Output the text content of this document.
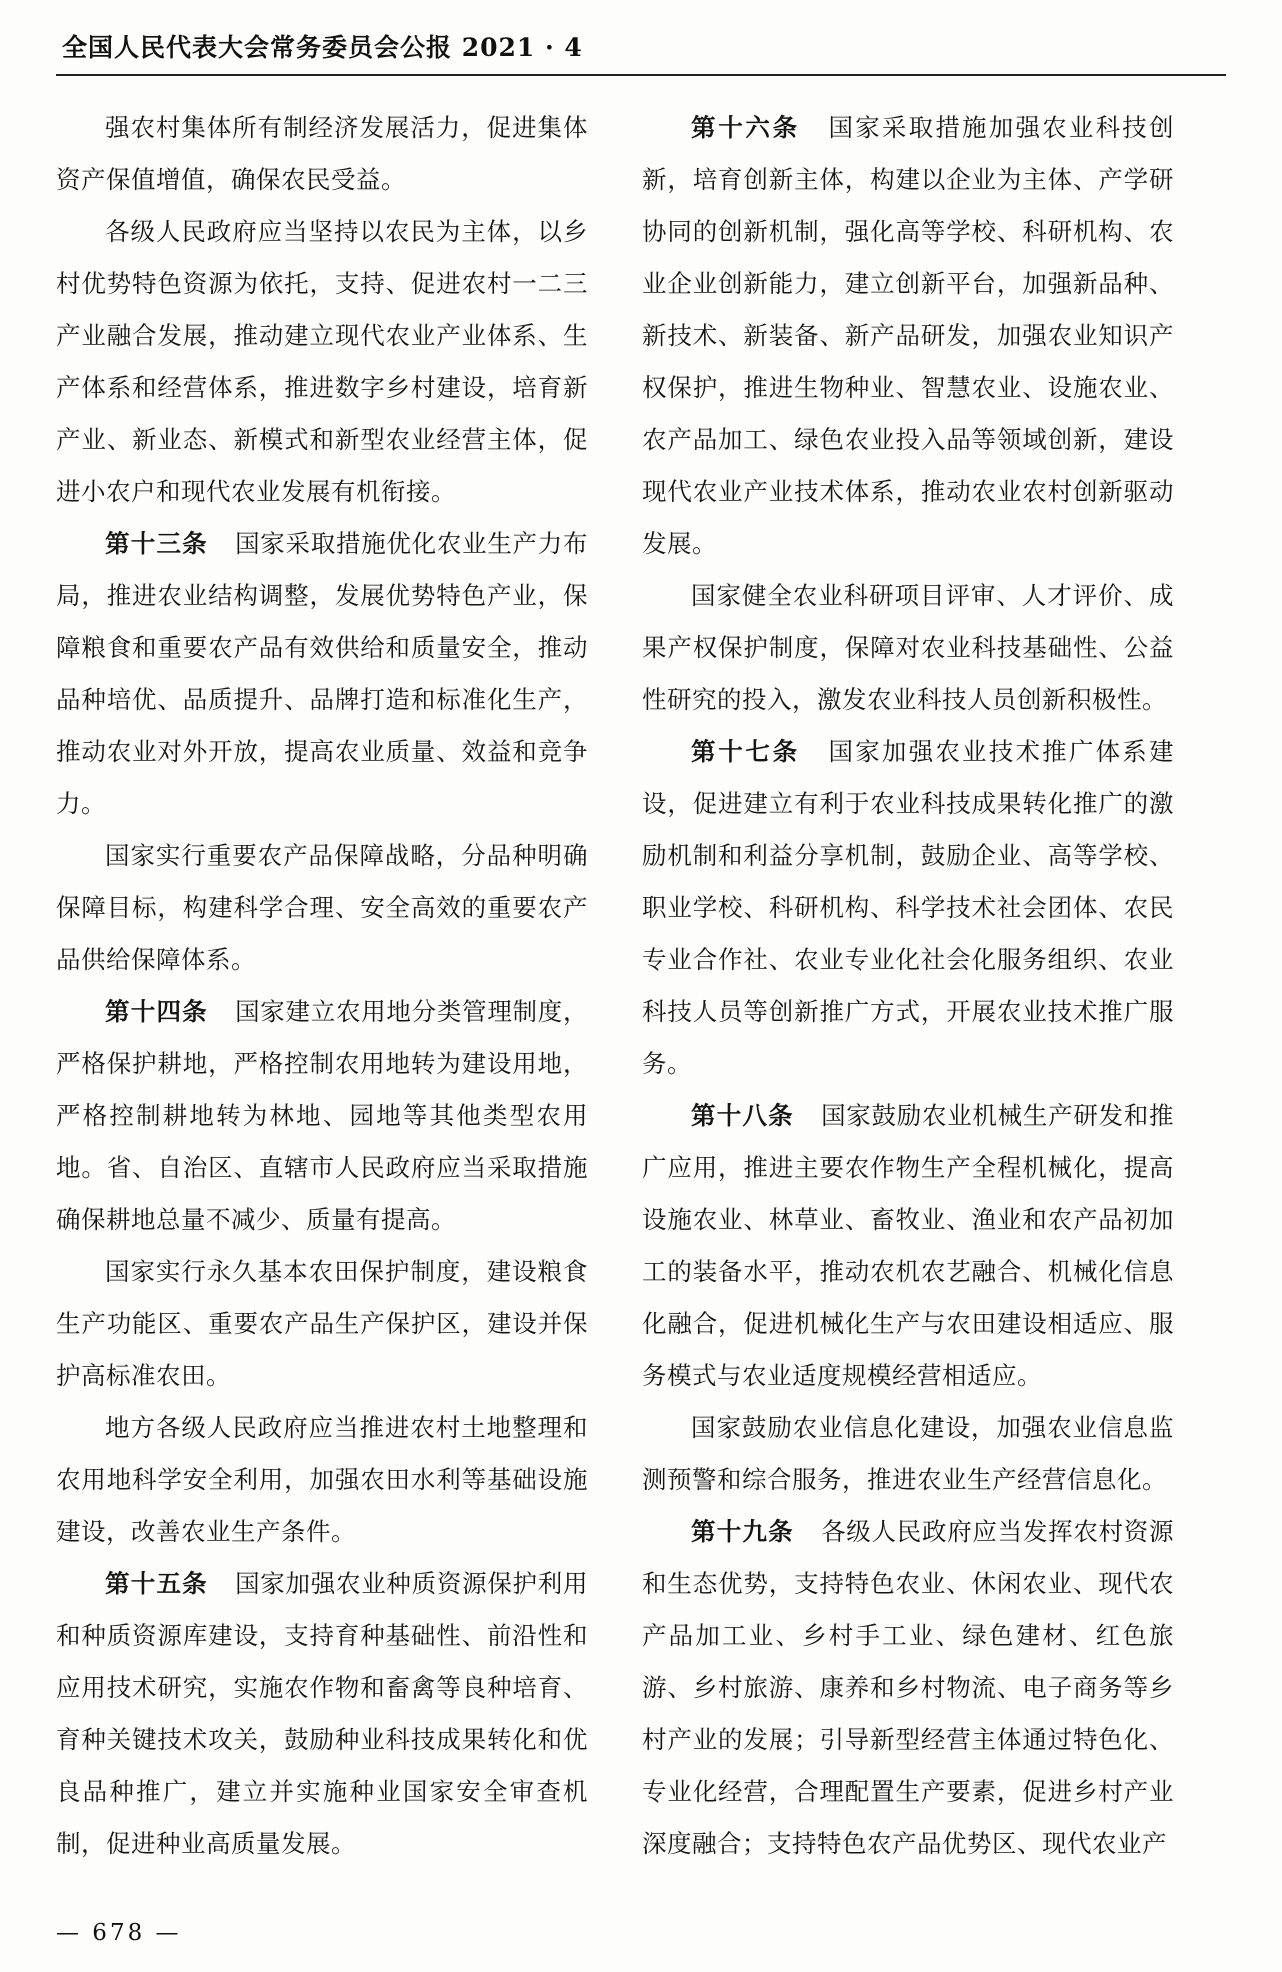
全国人民代表大会常务委员会公报 2021 · 4

强农村集体所有制经济发展活力，促进集体资产保值增值，确保农民受益。

各级人民政府应当坚持以农民为主体，以乡村优势特色资源为依托，支持、促进农村一二三产业融合发展，推动建立现代农业产业体系、生产体系和经营体系，推进数字乡村建设，培育新产业、新业态、新模式和新型农业经营主体，促进小农户和现代农业发展有机衔接。

第十三条 国家采取措施优化农业生产力布局，推进农业结构调整，发展优势特色产业，保障粮食和重要农产品有效供给和质量安全，推动品种培优、品质提升、品牌打造和标准化生产，推动农业对外开放，提高农业质量、效益和竞争力。

国家实行重要农产品保障战略，分品种明确保障目标，构建科学合理、安全高效的重要农产品供给保障体系。

第十四条 国家建立农用地分类管理制度，严格保护耕地，严格控制农用地转为建设用地，严格控制耕地转为林地、园地等其他类型农用地。省、自治区、直辖市人民政府应当采取措施确保耕地总量不减少、质量有提高。

国家实行永久基本农田保护制度，建设粮食生产功能区、重要农产品生产保护区，建设并保护高标准农田。

地方各级人民政府应当推进农村土地整理和农用地科学安全利用，加强农田水利等基础设施建设，改善农业生产条件。

第十五条 国家加强农业种质资源保护利用和种质资源库建设，支持育种基础性、前沿性和应用技术研究，实施农作物和畜禽等良种培育、育种关键技术攻关，鼓励种业科技成果转化和优良品种推广，建立并实施种业国家安全审查机制，促进种业高质量发展。

第十六条 国家采取措施加强农业科技创新，培育创新主体，构建以企业为主体、产学研协同的创新机制，强化高等学校、科研机构、农业企业创新能力，建立创新平台，加强新品种、新技术、新装备、新产品研发，加强农业知识产权保护，推进生物种业、智慧农业、设施农业、农产品加工、绿色农业投入品等领域创新，建设现代农业产业技术体系，推动农业农村创新驱动发展。

国家健全农业科研项目评审、人才评价、成果产权保护制度，保障对农业科技基础性、公益性研究的投入，激发农业科技人员创新积极性。

第十七条 国家加强农业技术推广体系建设，促进建立有利于农业科技成果转化推广的激励机制和利益分享机制，鼓励企业、高等学校、职业学校、科研机构、科学技术社会团体、农民专业合作社、农业专业化社会化服务组织、农业科技人员等创新推广方式，开展农业技术推广服务。

第十八条 国家鼓励农业机械生产研发和推广应用，推进主要农作物生产全程机械化，提高设施农业、林草业、畜牧业、渔业和农产品初加工的装备水平，推动农机农艺融合、机械化信息化融合，促进机械化生产与农田建设相适应、服务模式与农业适度规模经营相适应。

国家鼓励农业信息化建设，加强农业信息监测预警和综合服务，推进农业生产经营信息化。

第十九条 各级人民政府应当发挥农村资源和生态优势，支持特色农业、休闲农业、现代农产品加工业、乡村手工业、绿色建材、红色旅游、乡村旅游、康养和乡村物流、电子商务等乡村产业的发展；引导新型经营主体通过特色化、专业化经营，合理配置生产要素，促进乡村产业深度融合；支持特色农产品优势区、现代农业产

— 678 —
